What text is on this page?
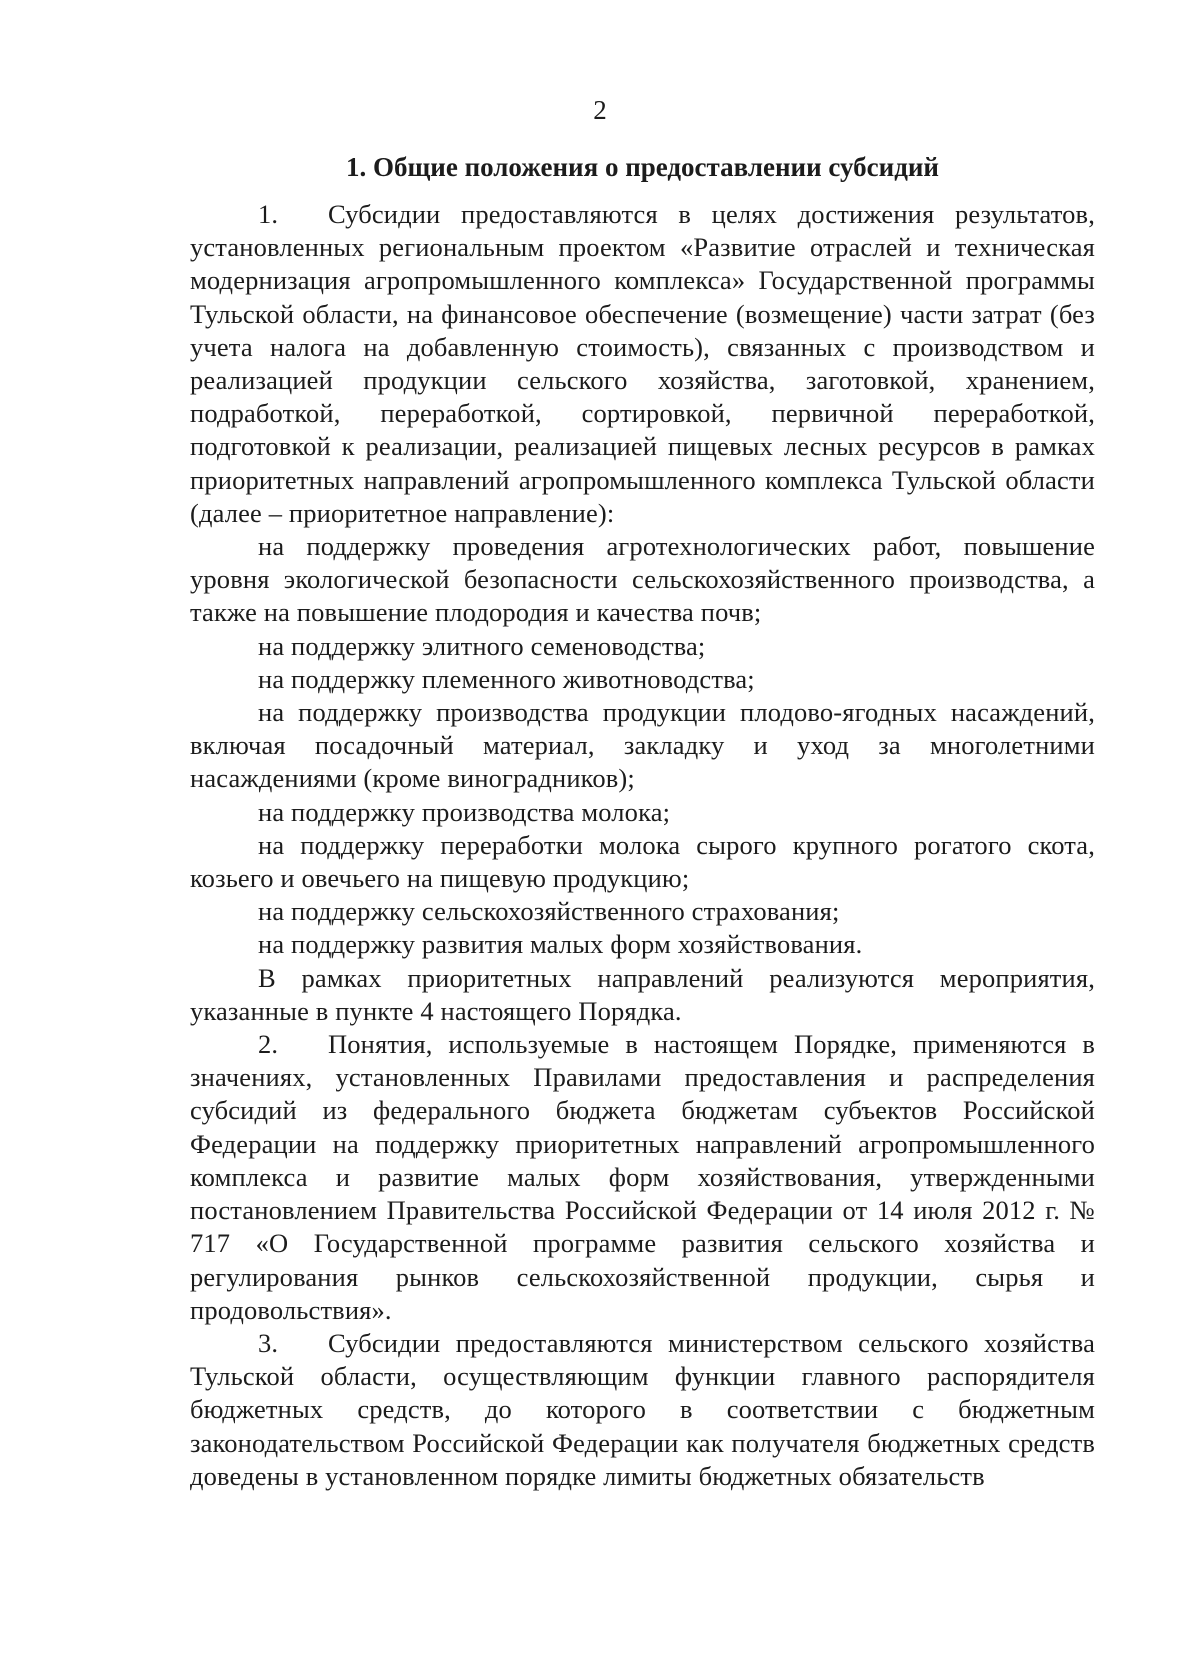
2
1. Общие положения о предоставлении субсидий

1. Субсидии предоставляются в целях достижения результатов, установленных региональным проектом «Развитие отраслей и техническая модернизация агропромышленного комплекса» Государственной программы Тульской области, на финансовое обеспечение (возмещение) части затрат (без учета налога на добавленную стоимость), связанных с производством и реализацией продукции сельского хозяйства, заготовкой, хранением, подработкой, переработкой, сортировкой, первичной переработкой, подготовкой к реализации, реализацией пищевых лесных ресурсов в рамках приоритетных направлений агропромышленного комплекса Тульской области (далее – приоритетное направление):

на поддержку проведения агротехнологических работ, повышение уровня экологической безопасности сельскохозяйственного производства, а также на повышение плодородия и качества почв;

на поддержку элитного семеноводства;

на поддержку племенного животноводства;

на поддержку производства продукции плодово-ягодных насаждений, включая посадочный материал, закладку и уход за многолетними насаждениями (кроме виноградников);

на поддержку производства молока;

на поддержку переработки молока сырого крупного рогатого скота, козьего и овечьего на пищевую продукцию;

на поддержку сельскохозяйственного страхования;

на поддержку развития малых форм хозяйствования.

В рамках приоритетных направлений реализуются мероприятия, указанные в пункте 4 настоящего Порядка.

2. Понятия, используемые в настоящем Порядке, применяются в значениях, установленных Правилами предоставления и распределения субсидий из федерального бюджета бюджетам субъектов Российской Федерации на поддержку приоритетных направлений агропромышленного комплекса и развитие малых форм хозяйствования, утвержденными постановлением Правительства Российской Федерации от 14 июля 2012 г. № 717 «О Государственной программе развития сельского хозяйства и регулирования рынков сельскохозяйственной продукции, сырья и продовольствия».

3. Субсидии предоставляются министерством сельского хозяйства Тульской области, осуществляющим функции главного распорядителя бюджетных средств, до которого в соответствии с бюджетным законодательством Российской Федерации как получателя бюджетных средств доведены в установленном порядке лимиты бюджетных обязательств
